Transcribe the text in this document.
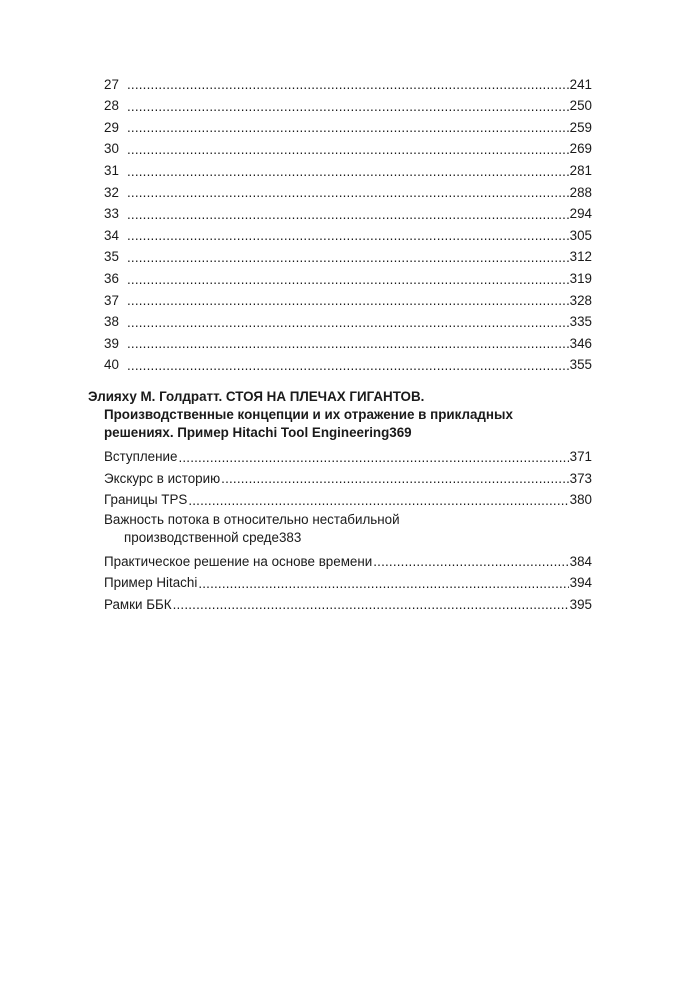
27 .....	241
28 .....	250
29 .....	259
30 .....	269
31 .....	281
32 .....	288
33 .....	294
34 .....	305
35 .....	312
36 .....	319
37 .....	328
38 .....	335
39 .....	346
40 .....	355
Элияху М. Голдратт. СТОЯ НА ПЛЕЧАХ ГИГАНТОВ.
Производственные концепции и их отражение в прикладных
решениях. Пример Hitachi Tool Engineering 369
Вступление .....	371
Экскурс в историю .....	373
Границы TPS .....	380
Важность потока в относительно нестабильной
производственной среде 383
Практическое решение на основе времени .....	384
Пример Hitachi .....	394
Рамки ББК .....	395
